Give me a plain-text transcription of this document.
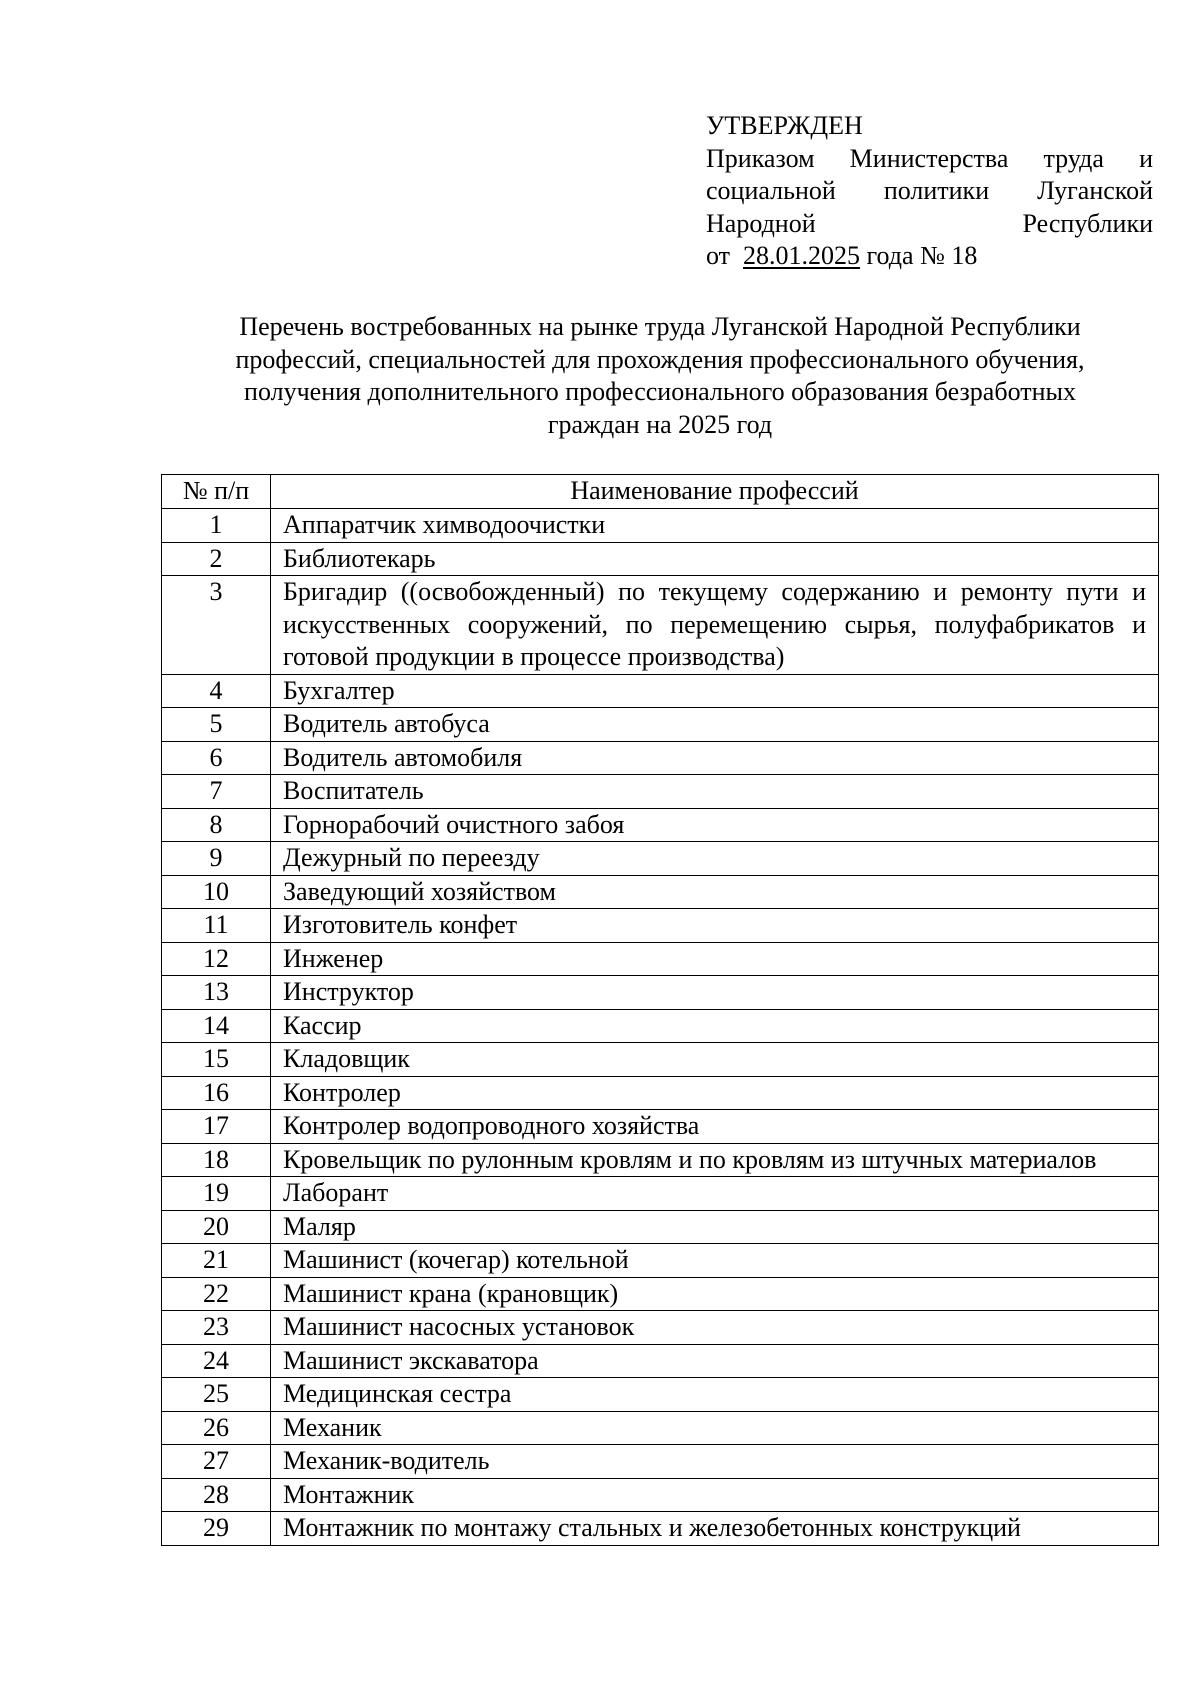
УТВЕРЖДЕН
Приказом Министерства труда и социальной политики Луганской Народной Республики
от 28.01.2025 года № 18
Перечень востребованных на рынке труда Луганской Народной Республики
профессий, специальностей для прохождения профессионального обучения,
получения дополнительного профессионального образования безработных
граждан на 2025 год
№ п/п	Наименование профессий
1	Аппаратчик химводоочистки
2	Библиотекарь
3	Бригадир ((освобожденный) по текущему содержанию и ремонту пути и искусственных сооружений, по перемещению сырья, полуфабрикатов и готовой продукции в процессе производства)
4	Бухгалтер
5	Водитель автобуса
6	Водитель автомобиля
7	Воспитатель
8	Горнорабочий очистного забоя
9	Дежурный по переезду
10	Заведующий хозяйством
11	Изготовитель конфет
12	Инженер
13	Инструктор
14	Кассир
15	Кладовщик
16	Контролер
17	Контролер водопроводного хозяйства
18	Кровельщик по рулонным кровлям и по кровлям из штучных материалов
19	Лаборант
20	Маляр
21	Машинист (кочегар) котельной
22	Машинист крана (крановщик)
23	Машинист насосных установок
24	Машинист экскаватора
25	Медицинская сестра
26	Механик
27	Механик-водитель
28	Монтажник
29	Монтажник по монтажу стальных и железобетонных конструкций
